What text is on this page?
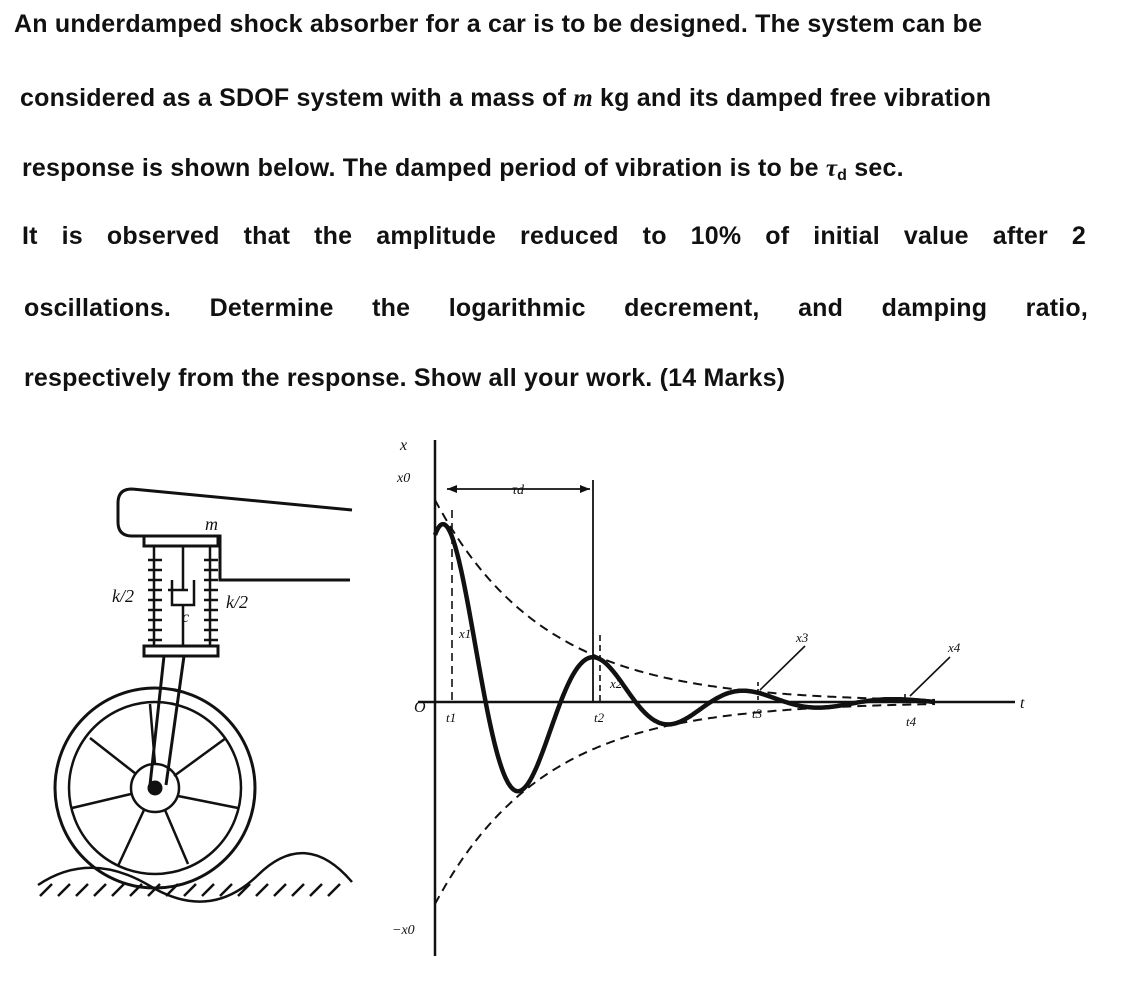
An underdamped shock absorber for a car is to be designed. The system can be
considered as a SDOF system with a mass of m kg and its damped free vibration
response is shown below. The damped period of vibration is to be $\tau_d$ sec.
It is observed that the amplitude reduced to 10% of initial value after 2
oscillations. Determine the logarithmic decrement, and damping ratio,
respectively from the response. Show all your work. (14 Marks)
m
k/2	k/2
c
x
t
x0
−x0
O
τd
x1
x2
x3
x4
t1	t2	t3
t4
